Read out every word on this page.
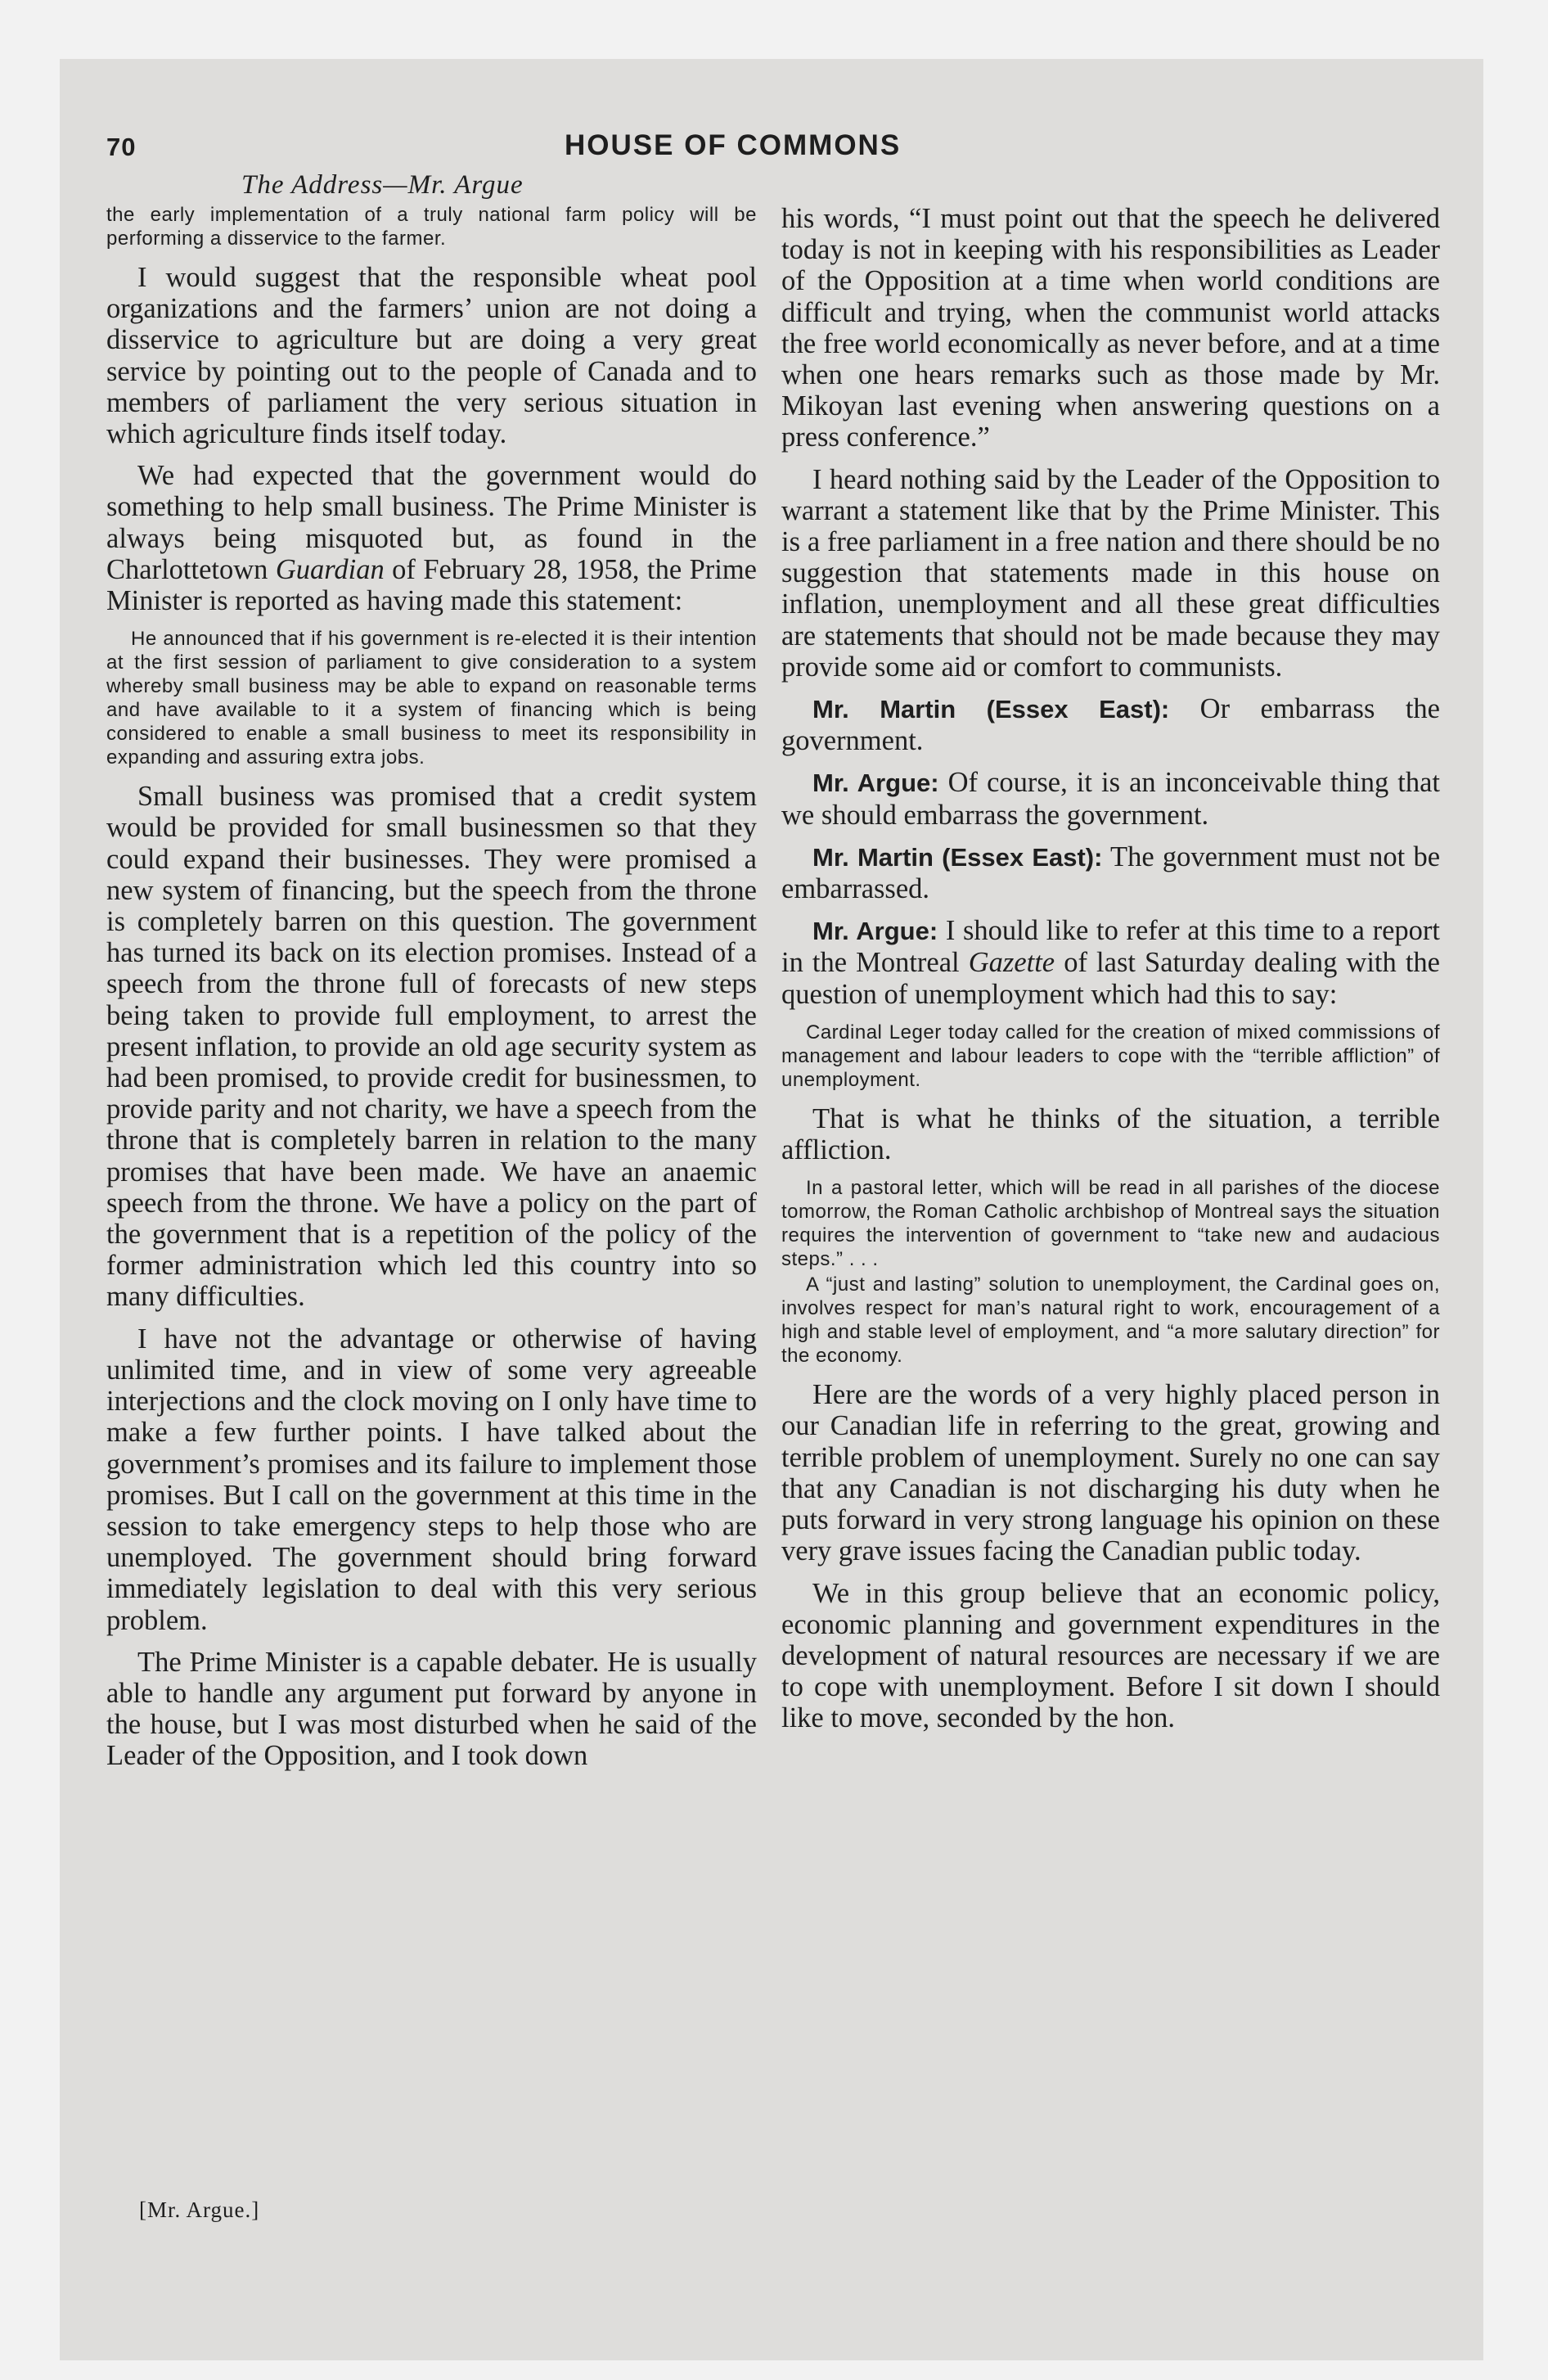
70	HOUSE OF COMMONS
The Address—Mr. Argue

the early implementation of a truly national farm policy will be performing a disservice to the farmer.

I would suggest that the responsible wheat pool organizations and the farmers’ union are not doing a disservice to agriculture but are doing a very great service by pointing out to the people of Canada and to members of parliament the very serious situation in which agriculture finds itself today.

We had expected that the government would do something to help small business. The Prime Minister is always being misquoted but, as found in the Charlottetown Guardian of February 28, 1958, the Prime Minister is reported as having made this statement:

He announced that if his government is re-elected it is their intention at the first session of parliament to give consideration to a system whereby small business may be able to expand on reasonable terms and have available to it a system of financing which is being considered to enable a small business to meet its responsibility in expanding and assuring extra jobs.

Small business was promised that a credit system would be provided for small businessmen so that they could expand their businesses. They were promised a new system of financing, but the speech from the throne is completely barren on this question. The government has turned its back on its election promises. Instead of a speech from the throne full of forecasts of new steps being taken to provide full employment, to arrest the present inflation, to provide an old age security system as had been promised, to provide credit for businessmen, to provide parity and not charity, we have a speech from the throne that is completely barren in relation to the many promises that have been made. We have an anaemic speech from the throne. We have a policy on the part of the government that is a repetition of the policy of the former administration which led this country into so many difficulties.

I have not the advantage or otherwise of having unlimited time, and in view of some very agreeable interjections and the clock moving on I only have time to make a few further points. I have talked about the government’s promises and its failure to implement those promises. But I call on the government at this time in the session to take emergency steps to help those who are unemployed. The government should bring forward immediately legislation to deal with this very serious problem.

The Prime Minister is a capable debater. He is usually able to handle any argument put forward by anyone in the house, but I was most disturbed when he said of the Leader of the Opposition, and I took down

his words, “I must point out that the speech he delivered today is not in keeping with his responsibilities as Leader of the Opposition at a time when world conditions are difficult and trying, when the communist world attacks the free world economically as never before, and at a time when one hears remarks such as those made by Mr. Mikoyan last evening when answering questions on a press conference.”

I heard nothing said by the Leader of the Opposition to warrant a statement like that by the Prime Minister. This is a free parliament in a free nation and there should be no suggestion that statements made in this house on inflation, unemployment and all these great difficulties are statements that should not be made because they may provide some aid or comfort to communists.

Mr. Martin (Essex East): Or embarrass the government.

Mr. Argue: Of course, it is an inconceivable thing that we should embarrass the government.

Mr. Martin (Essex East): The government must not be embarrassed.

Mr. Argue: I should like to refer at this time to a report in the Montreal Gazette of last Saturday dealing with the question of unemployment which had this to say:

Cardinal Leger today called for the creation of mixed commissions of management and labour leaders to cope with the “terrible affliction” of unemployment.

That is what he thinks of the situation, a terrible affliction.

In a pastoral letter, which will be read in all parishes of the diocese tomorrow, the Roman Catholic archbishop of Montreal says the situation requires the intervention of government to “take new and audacious steps.” . . .

A “just and lasting” solution to unemployment, the Cardinal goes on, involves respect for man’s natural right to work, encouragement of a high and stable level of employment, and “a more salutary direction” for the economy.

Here are the words of a very highly placed person in our Canadian life in referring to the great, growing and terrible problem of unemployment. Surely no one can say that any Canadian is not discharging his duty when he puts forward in very strong language his opinion on these very grave issues facing the Canadian public today.

We in this group believe that an economic policy, economic planning and government expenditures in the development of natural resources are necessary if we are to cope with unemployment. Before I sit down I should like to move, seconded by the hon.

[Mr. Argue.]
